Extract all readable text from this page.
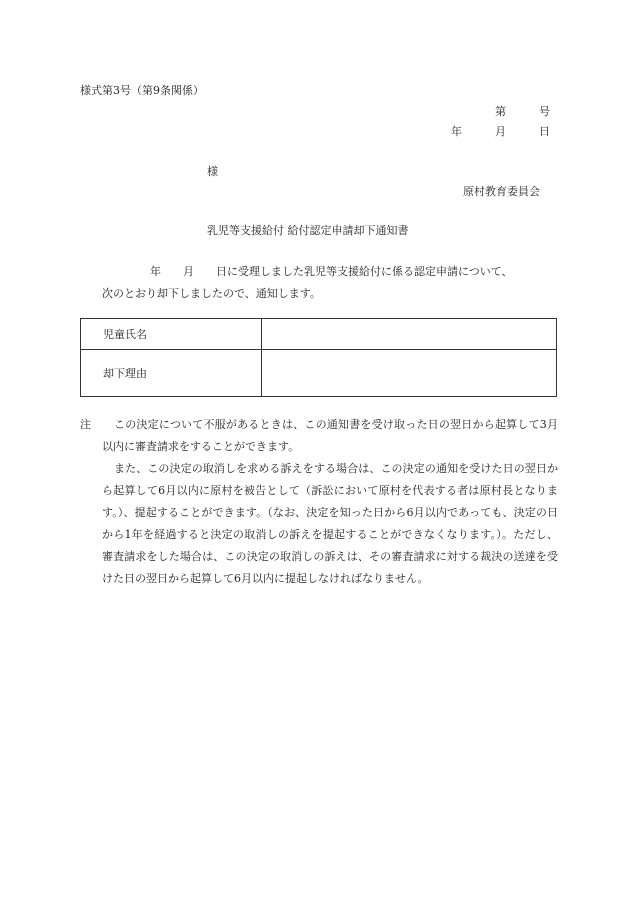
様式第3号（第9条関係）
第　　　号
年　　　月　　　日
様
原村教育委員会
乳児等支援給付 給付認定申請却下通知書
年 月 日に受理しました乳児等支援給付に係る認定申請について、
次のとおり却下しましたので、通知します。
児童氏名	
却下理由	
注	この決定について不服があるときは、この通知書を受け取った日の翌日から起算して3月以内に審査請求をすることができます。

また、この決定の取消しを求める訴えをする場合は、この決定の通知を受けた日の翌日から起算して6月以内に原村を被告として（訴訟において原村を代表する者は原村長となります。）、提起することができます。（なお、決定を知った日から6月以内であっても、決定の日から1年を経過すると決定の取消しの訴えを提起することができなくなります。）。ただし、審査請求をした場合は、この決定の取消しの訴えは、その審査請求に対する裁決の送達を受けた日の翌日から起算して6月以内に提起しなければなりません。
